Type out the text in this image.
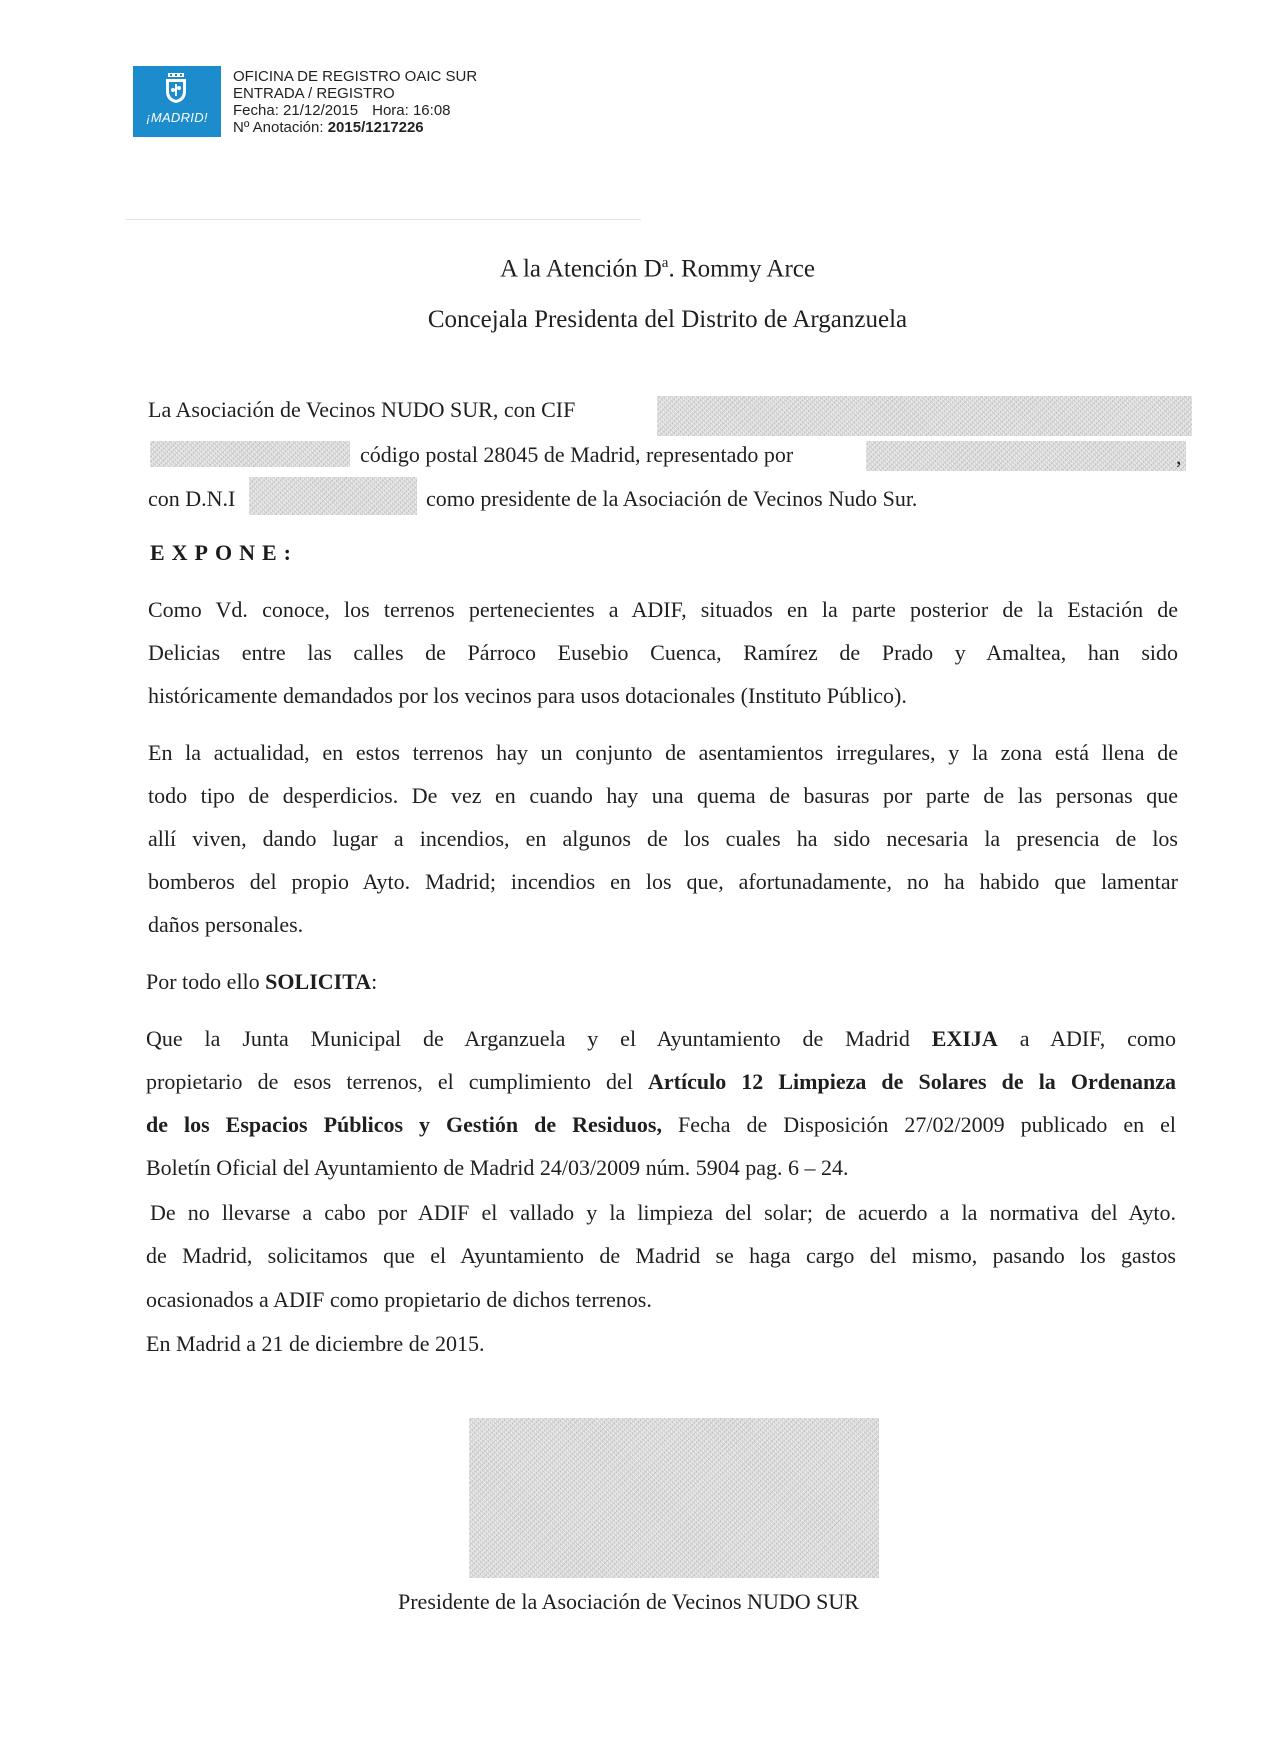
¡MADRID!
OFICINA DE REGISTRO OAIC SUR
ENTRADA / REGISTRO
Fecha: 21/12/2015 Hora: 16:08
Nº Anotación: 2015/1217226
A la Atención $D^a$. Rommy Arce
Concejala Presidenta del Distrito de Arganzuela
La Asociación de Vecinos NUDO SUR, con CIF
código postal 28045 de Madrid, representado por	,
con D.N.I	como presidente de la Asociación de Vecinos Nudo Sur.
EXPONE:
Como Vd. conoce, los terrenos pertenecientes a ADIF, situados en la parte posterior de la Estación de
Delicias entre las calles de Párroco Eusebio Cuenca, Ramírez de Prado y Amaltea, han sido
históricamente demandados por los vecinos para usos dotacionales (Instituto Público).
En la actualidad, en estos terrenos hay un conjunto de asentamientos irregulares, y la zona está llena de
todo tipo de desperdicios. De vez en cuando hay una quema de basuras por parte de las personas que
allí viven, dando lugar a incendios, en algunos de los cuales ha sido necesaria la presencia de los
bomberos del propio Ayto. Madrid; incendios en los que, afortunadamente, no ha habido que lamentar
daños personales.
Por todo ello SOLICITA:
Que la Junta Municipal de Arganzuela y el Ayuntamiento de Madrid EXIJA a ADIF, como
propietario de esos terrenos, el cumplimiento del Artículo 12 Limpieza de Solares de la Ordenanza
de los Espacios Públicos y Gestión de Residuos, Fecha de Disposición 27/02/2009 publicado en el
Boletín Oficial del Ayuntamiento de Madrid 24/03/2009 núm. 5904 pag. 6 – 24.
De no llevarse a cabo por ADIF el vallado y la limpieza del solar; de acuerdo a la normativa del Ayto.
de Madrid, solicitamos que el Ayuntamiento de Madrid se haga cargo del mismo, pasando los gastos
ocasionados a ADIF como propietario de dichos terrenos.
En Madrid a 21 de diciembre de 2015.
Presidente de la Asociación de Vecinos NUDO SUR
